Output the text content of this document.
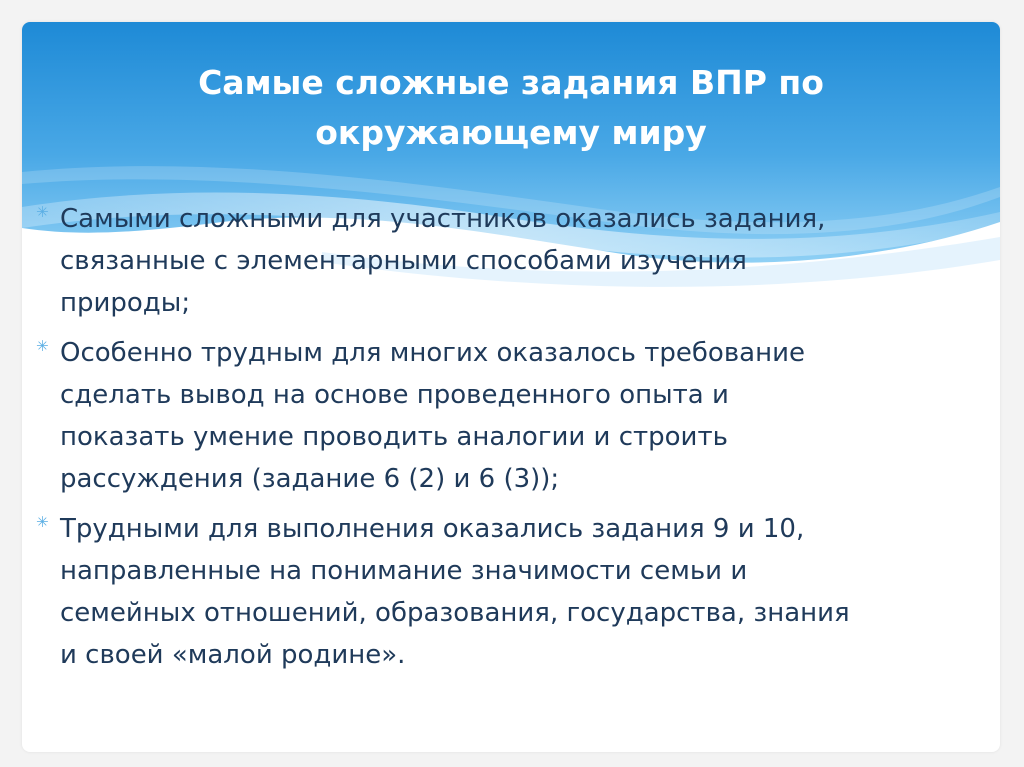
Самые сложные задания ВПР по
окружающему миру
✳ Самыми сложными для участников оказались задания,
связанные с элементарными способами изучения
природы;
✳ Особенно трудным для многих оказалось требование
сделать вывод на основе проведенного опыта и
показать умение проводить аналогии и строить
рассуждения (задание 6 (2) и 6 (3));
✳ Трудными для выполнения оказались задания 9 и 10,
направленные на понимание значимости семьи и
семейных отношений, образования, государства, знания
и своей «малой родине».
